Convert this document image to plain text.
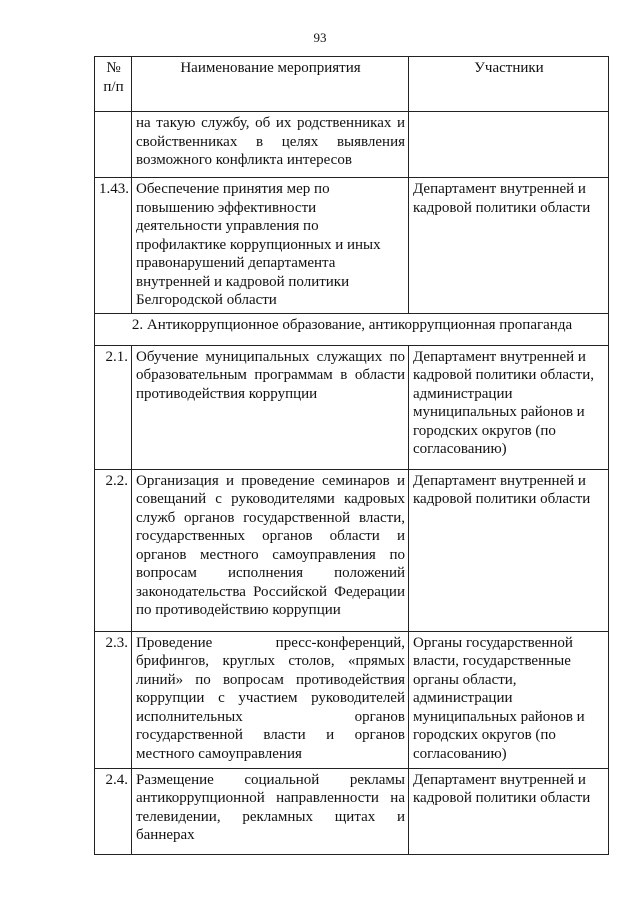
93
№ п/п	Наименование мероприятия	Участники
	на такую службу, об их родственниках и свойственниках в целях выявления возможного конфликта интересов	
1.43.	Обеспечение принятия мер по повышению эффективности деятельности управления по профилактике коррупционных и иных правонарушений департамента внутренней и кадровой политики Белгородской области	Департамент внутренней и кадровой политики области
2. Антикоррупционное образование, антикоррупционная пропаганда		
2.1.	Обучение муниципальных служащих по образовательным программам в области противодействия коррупции	Департамент внутренней и кадровой политики области, администрации муниципальных районов и городских округов (по согласованию)
2.2.	Организация и проведение семинаров и совещаний с руководителями кадровых служб органов государственной власти, государственных органов области и органов местного самоуправления по вопросам исполнения положений законодательства Российской Федерации по противодействию коррупции	Департамент внутренней и кадровой политики области
2.3.	Проведение пресс-конференций, брифингов, круглых столов, «прямых линий» по вопросам противодействия коррупции с участием руководителей исполнительных органов государственной власти и органов местного самоуправления	Органы государственной власти, государственные органы области, администрации муниципальных районов и городских округов (по согласованию)
2.4.	Размещение социальной рекламы антикоррупционной направленности на телевидении, рекламных щитах и баннерах	Департамент внутренней и кадровой политики области
